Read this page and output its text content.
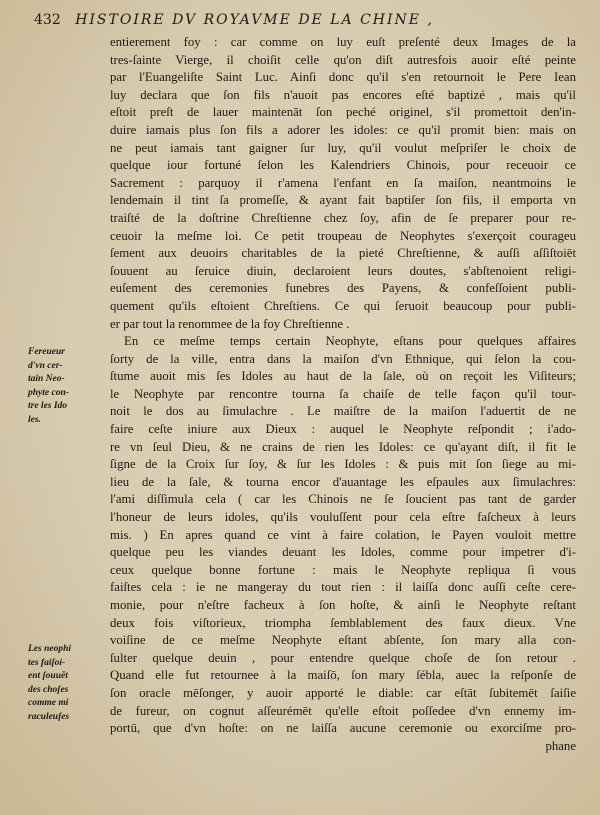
432 HISTOIRE DV ROYAVME DE LA CHINE ,
entierement foy : car comme on luy euſt preſenté deux Images de la
tres-ſainte Vierge, il choiſit celle qu'on diſt autresfois auoir eſté peinte
par l'Euangeliſte Saint Luc. Ainſi donc qu'il s'en retournoit le Pere Iean
luy declara que ſon fils n'auoit pas encores eſté baptizé , mais qu'il
eſtoit preſt de lauer maintenāt ſon peché originel, s'il promettoit den'in-
duire iamais plus ſon fils a adorer les idoles: ce qu'il promit bien: mais on
ne peut iamais tant gaigner ſur luy, qu'il voulut meſpriſer le choix de
quelque iour fortuné ſelon les Kalendriers Chinois, pour receuoir ce
Sacrement : parquoy il r'amena l'enfant en ſa maiſon, neantmoins le
lendemain il tint ſa promeſſe, & ayant fait baptiſer ſon fils, il emporta vn
traiſté de la doſtrine Chreſtienne chez ſoy, afin de ſe preparer pour re-
ceuoir la meſme loi. Ce petit troupeau de Neophytes s'exerçoit courageu
ſement aux deuoirs charitables de la pieté Chreſtienne, & auſſi aſſiſtoiēt
ſouuent au ſeruice diuin, declaroient leurs doutes, s'abſtenoient religi-
euſement des ceremonies funebres des Payens, & confeſſoient publi-
quement qu'ils eſtoient Chreſtiens. Ce qui ſeruoit beaucoup pour publi-
er par tout la renommee de la foy Chreſtienne .
En ce meſme temps certain Neophyte, eſtans pour quelques affaires
ſorty de la ville, entra dans la maiſon d'vn Ethnique, qui ſelon la cou-
ſtume auoit mis ſes Idoles au haut de la ſale, où on reçoit les Viſiteurs;
le Neophyte par rencontre tourna ſa chaiſe de telle façon qu'il tour-
noit le dos au ſimulachre . Le maiſtre de la maiſon l'aduertit de ne
faire ceſte iniure aux Dieux : auquel le Neophyte reſpondit ; i'ado-
re vn ſeul Dieu, & ne crains de rien les Idoles: ce qu'ayant diſt, il fit le
ſigne de la Croix ſur ſoy, & ſur les Idoles : & puis mit ſon ſiege au mi-
lieu de la ſale, & tourna encor d'auantage les eſpaules aux ſimulachres:
l'ami diſſimula cela ( car les Chinois ne ſe ſoucient pas tant de garder
l'honeur de leurs idoles, qu'ils vouluſſent pour cela eſtre faſcheux à leurs
mis. ) En apres quand ce vint à faire colation, le Payen vouloit mettre
quelque peu les viandes deuant les Idoles, comme pour impetrer d'i-
ceux quelque bonne fortune : mais le Neophyte repliqua ſi vous
faiſtes cela : ie ne mangeray du tout rien : il laiſſa donc auſſi ceſte cere-
monie, pour n'eſtre facheux à ſon hoſte, & ainſi le Neophyte reſtant
deux fois viſtorieux, triompha ſemblablement des faux dieux. Vne
voiſine de ce meſme Neophyte eſtant abſente, ſon mary alla con-
ſulter quelque deuin , pour entendre quelque choſe de ſon retour .
Quand elle fut retournee à la maiſō, ſon mary ſébla, auec la reſponſe de
ſon oracle mēſonger, y auoir apporté le diable: car eſtāt ſubitemēt ſaiſie
de fureur, on cognut aſſeurémēt qu'elle eſtoit poſſedee d'vn ennemy im-
portū, que d'vn hoſte: on ne laiſſa aucune ceremonie ou exorciſme pro-
phane
Fereueur
d'vn cer-
tain Neo-
phyte con-
tre les Ido
les.
Les neophi
tes faiſoi-
ent ſouuēt
des choſes
comme mi
raculeuſes
